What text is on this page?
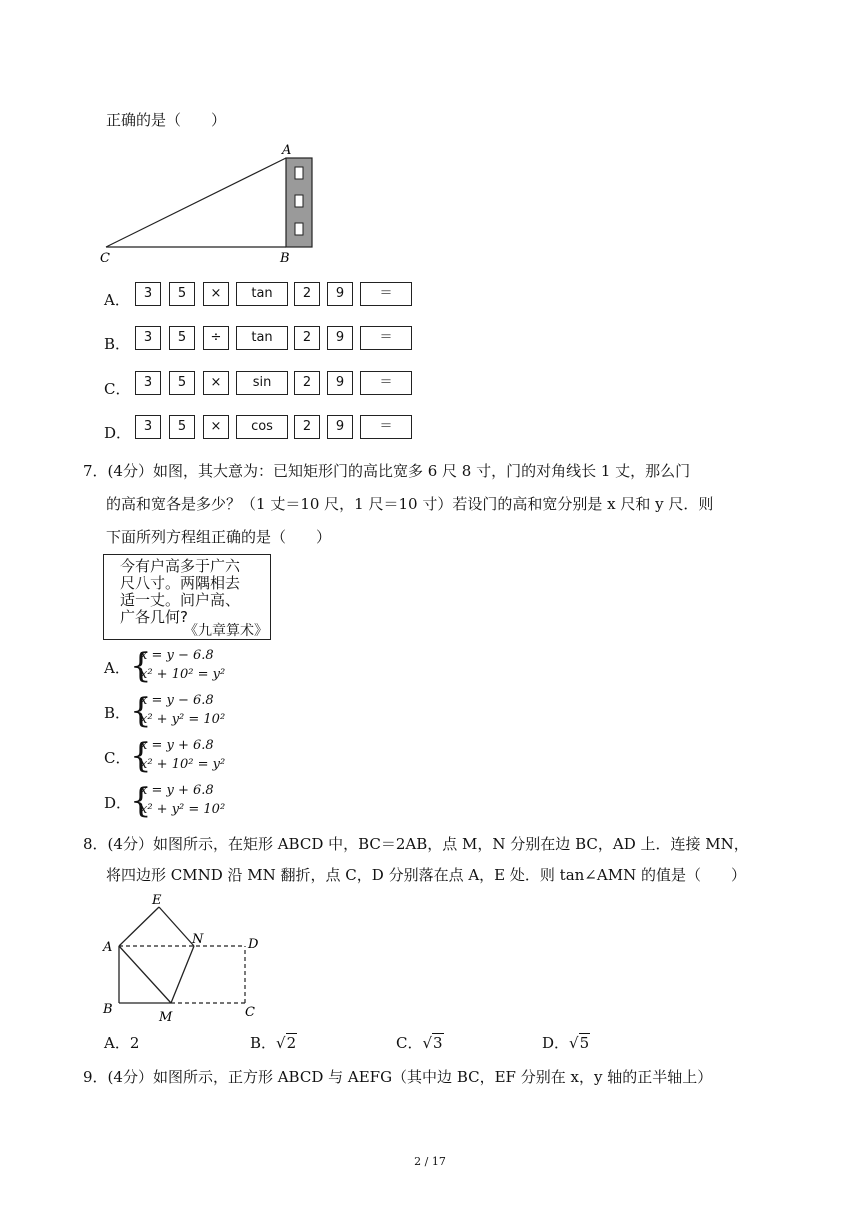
正确的是（　　）
A
B
C
A．	3	5	×	tan	2	9	＝
B．	3	5	÷	tan	2	9	＝
C．	3	5	×	sin	2	9	＝
D． 3	5	×	cos	2	9	＝
7．(4分）如图，其大意为：已知矩形门的高比宽多 6 尺 8 寸，门的对角线长 1 丈，那么门
的高和宽各是多少？（1 丈＝10 尺，1 尺＝10 寸）若设门的高和宽分别是 x 尺和 y 尺．则
下面所列方程组正确的是（　　）
今有户高多于广六
尺八寸。两隅相去
适一丈。问户高、
广各几何?
《九章算术》
A． {
x = y − 6.8
x² + 10² = y²
B． {
x = y − 6.8
x² + y² = 10²
C． {
x = y + 6.8
x² + 10² = y²
D．
{
x = y + 6.8
x² + y² = 10²
8．(4分）如图所示，在矩形 ABCD 中，BC＝2AB，点 M，N 分别在边 BC，AD 上．连接 MN，
将四边形 CMND 沿 MN 翻折，点 C，D 分别落在点 A，E 处．则 tan∠AMN 的值是（　　）
E
A
N	D
B
M	C
A．2	B．√2	C．√3	D．√5
9．(4分）如图所示，正方形 ABCD 与 AEFG（其中边 BC，EF 分别在 x，y 轴的正半轴上）
2 / 17
